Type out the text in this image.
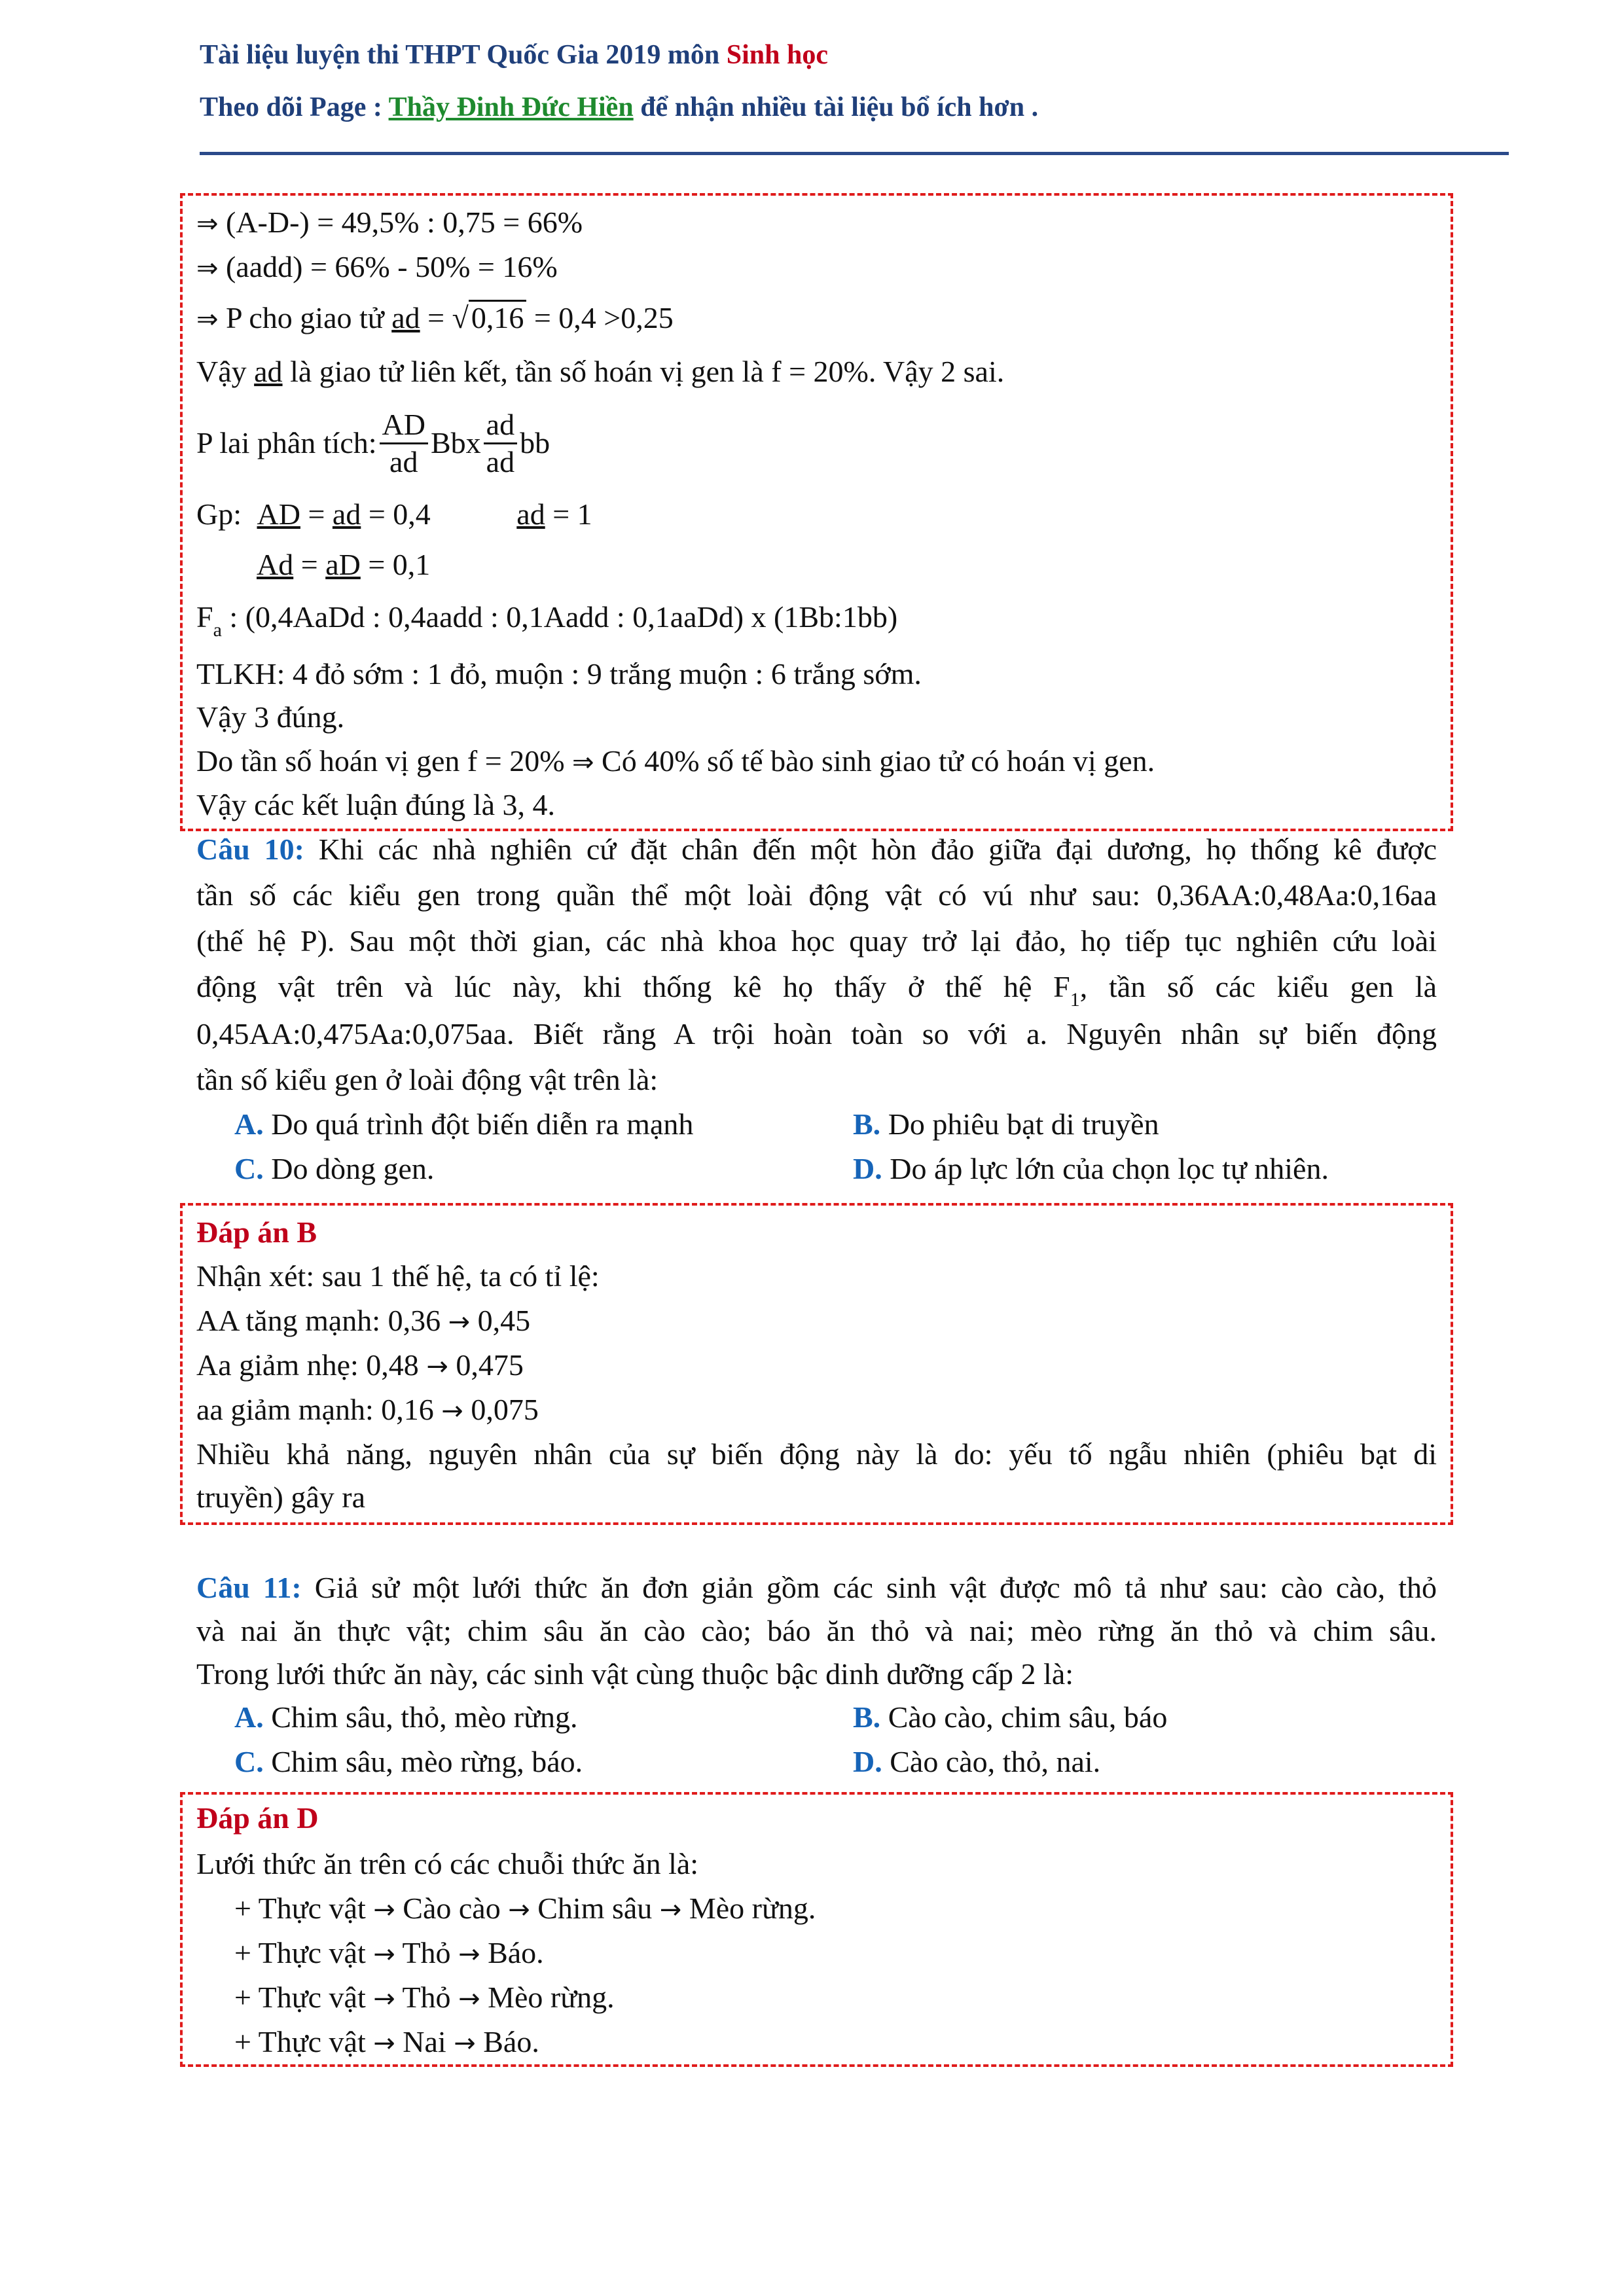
Tài liệu luyện thi THPT Quốc Gia 2019 môn Sinh học
Theo dõi Page : Thầy Đinh Đức Hiền để nhận nhiều tài liệu bổ ích hơn .
⇒ (A-D-) = 49,5% : 0,75 = 66%
⇒ (aadd) = 66% - 50% = 16%
⇒ P cho giao tử ad = √0,16 = 0,4 >0,25
Vậy ad là giao tử liên kết, tần số hoán vị gen là f = 20%. Vậy 2 sai.
P lai phân tích: $\frac{AD}{ad}$ Bbx $\frac{ad}{ad}$ bb
Gp: AD = ad = 0,4	ad = 1
Ad = aD = 0,1
$F_a$ : (0,4AaDd : 0,4aadd : 0,1Aadd : 0,1aaDd) x (1Bb:1bb)
TLKH: 4 đỏ sớm : 1 đỏ, muộn : 9 trắng muộn : 6 trắng sớm.
Vậy 3 đúng.
Do tần số hoán vị gen f = 20% ⇒ Có 40% số tế bào sinh giao tử có hoán vị gen.
Vậy các kết luận đúng là 3, 4.
Câu 10: Khi các nhà nghiên cứ đặt chân đến một hòn đảo giữa đại dương, họ thống kê được
tần số các kiểu gen trong quần thể một loài động vật có vú như sau: 0,36AA:0,48Aa:0,16aa
(thế hệ P). Sau một thời gian, các nhà khoa học quay trở lại đảo, họ tiếp tục nghiên cứu loài
động vật trên và lúc này, khi thống kê họ thấy ở thế hệ $F_1$, tần số các kiểu gen là
0,45AA:0,475Aa:0,075aa. Biết rằng A trội hoàn toàn so với a. Nguyên nhân sự biến động
tần số kiểu gen ở loài động vật trên là:
A. Do quá trình đột biến diễn ra mạnh	B. Do phiêu bạt di truyền
C. Do dòng gen.	D. Do áp lực lớn của chọn lọc tự nhiên.
Đáp án B
Nhận xét: sau 1 thế hệ, ta có tỉ lệ:
AA tăng mạnh: 0,36 → 0,45
Aa giảm nhẹ: 0,48 → 0,475
aa giảm mạnh: 0,16 → 0,075
Nhiều khả năng, nguyên nhân của sự biến động này là do: yếu tố ngẫu nhiên (phiêu bạt di
truyền) gây ra
Câu 11: Giả sử một lưới thức ăn đơn giản gồm các sinh vật được mô tả như sau: cào cào, thỏ
và nai ăn thực vật; chim sâu ăn cào cào; báo ăn thỏ và nai; mèo rừng ăn thỏ và chim sâu.
Trong lưới thức ăn này, các sinh vật cùng thuộc bậc dinh dưỡng cấp 2 là:
A. Chim sâu, thỏ, mèo rừng.	B. Cào cào, chim sâu, báo
C. Chim sâu, mèo rừng, báo.	D. Cào cào, thỏ, nai.
Đáp án D
Lưới thức ăn trên có các chuỗi thức ăn là:
+ Thực vật → Cào cào → Chim sâu → Mèo rừng.
+ Thực vật → Thỏ → Báo.
+ Thực vật → Thỏ → Mèo rừng.
+ Thực vật → Nai → Báo.
